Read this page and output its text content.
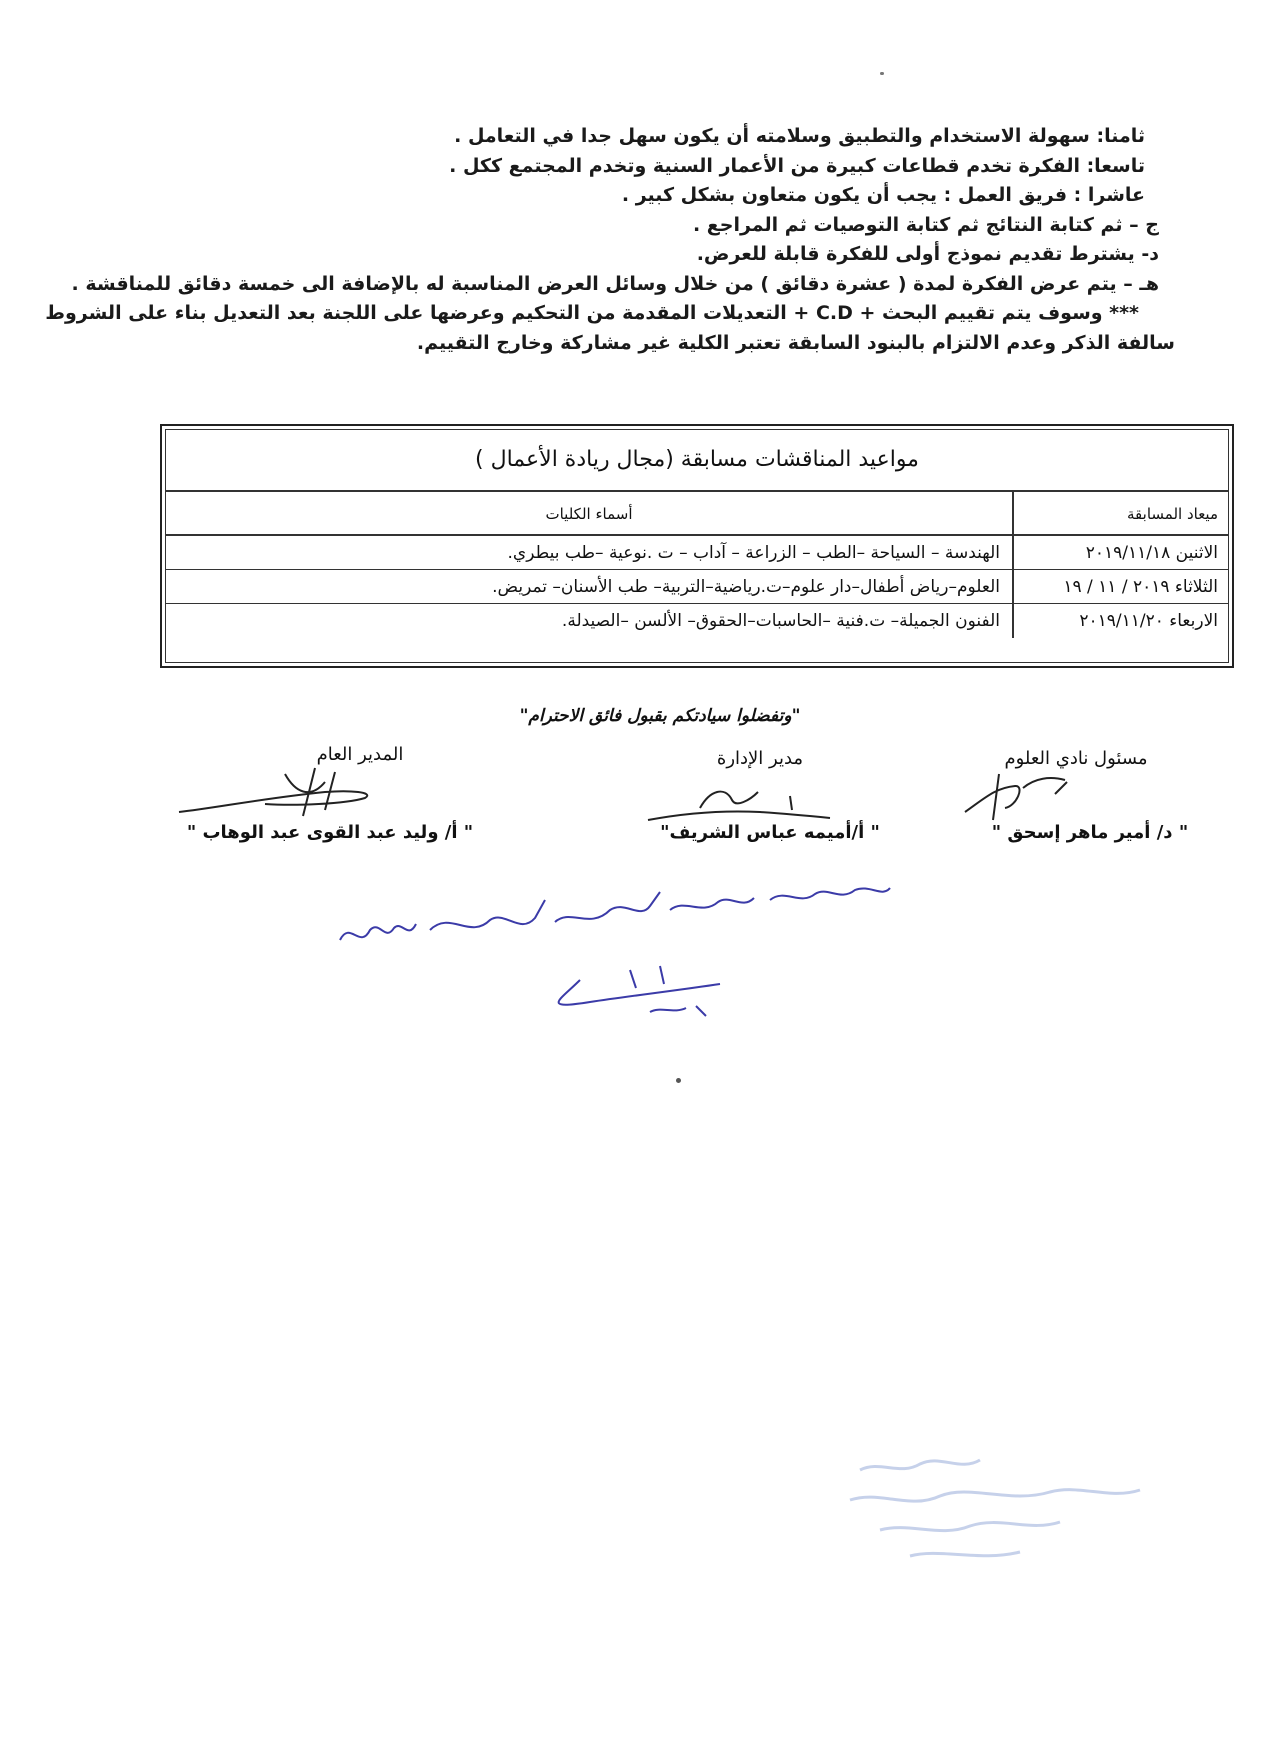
ثامنا: سهولة الاستخدام والتطبيق وسلامته أن يكون سهل جدا في التعامل .
تاسعا: الفكرة تخدم قطاعات كبيرة من الأعمار السنية وتخدم المجتمع ككل .
عاشرا : فريق العمل : يجب أن يكون متعاون بشكل كبير .
ج – ثم كتابة النتائج ثم كتابة التوصيات ثم المراجع .
د- يشترط تقديم نموذج أولى للفكرة قابلة للعرض.
هـ – يتم عرض الفكرة لمدة ( عشرة دقائق ) من خلال وسائل العرض المناسبة له بالإضافة الى خمسة دقائق للمناقشة .
*** وسوف يتم تقييم البحث + C.D + التعديلات المقدمة من التحكيم وعرضها على اللجنة بعد التعديل بناء على الشروط
سالفة الذكر وعدم الالتزام بالبنود السابقة تعتبر الكلية غير مشاركة وخارج التقييم.
مواعيد المناقشات مسابقة (مجال ريادة الأعمال )
ميعاد المسابقة
أسماء الكليات
الاثنين ٢٠١٩/١١/١٨
الهندسة – السياحة –الطب – الزراعة – آداب – ت .نوعية –طب بيطري.
الثلاثاء ٢٠١٩ / ١١ / ١٩
العلوم–رياض أطفال–دار علوم–ت.رياضية–التربية– طب الأسنان– تمريض.
الاربعاء ٢٠١٩/١١/٢٠
الفنون الجميلة– ت.فنية –الحاسبات–الحقوق– الألسن –الصيدلة.
"وتفضلوا سيادتكم بقبول فائق الاحترام"
مسئول نادي العلوم
مدير الإدارة
المدير العام
" د/ أمير ماهر إسحق "
" أ/أميمه عباس الشريف"
" أ/ وليد عبد القوى عبد الوهاب "
